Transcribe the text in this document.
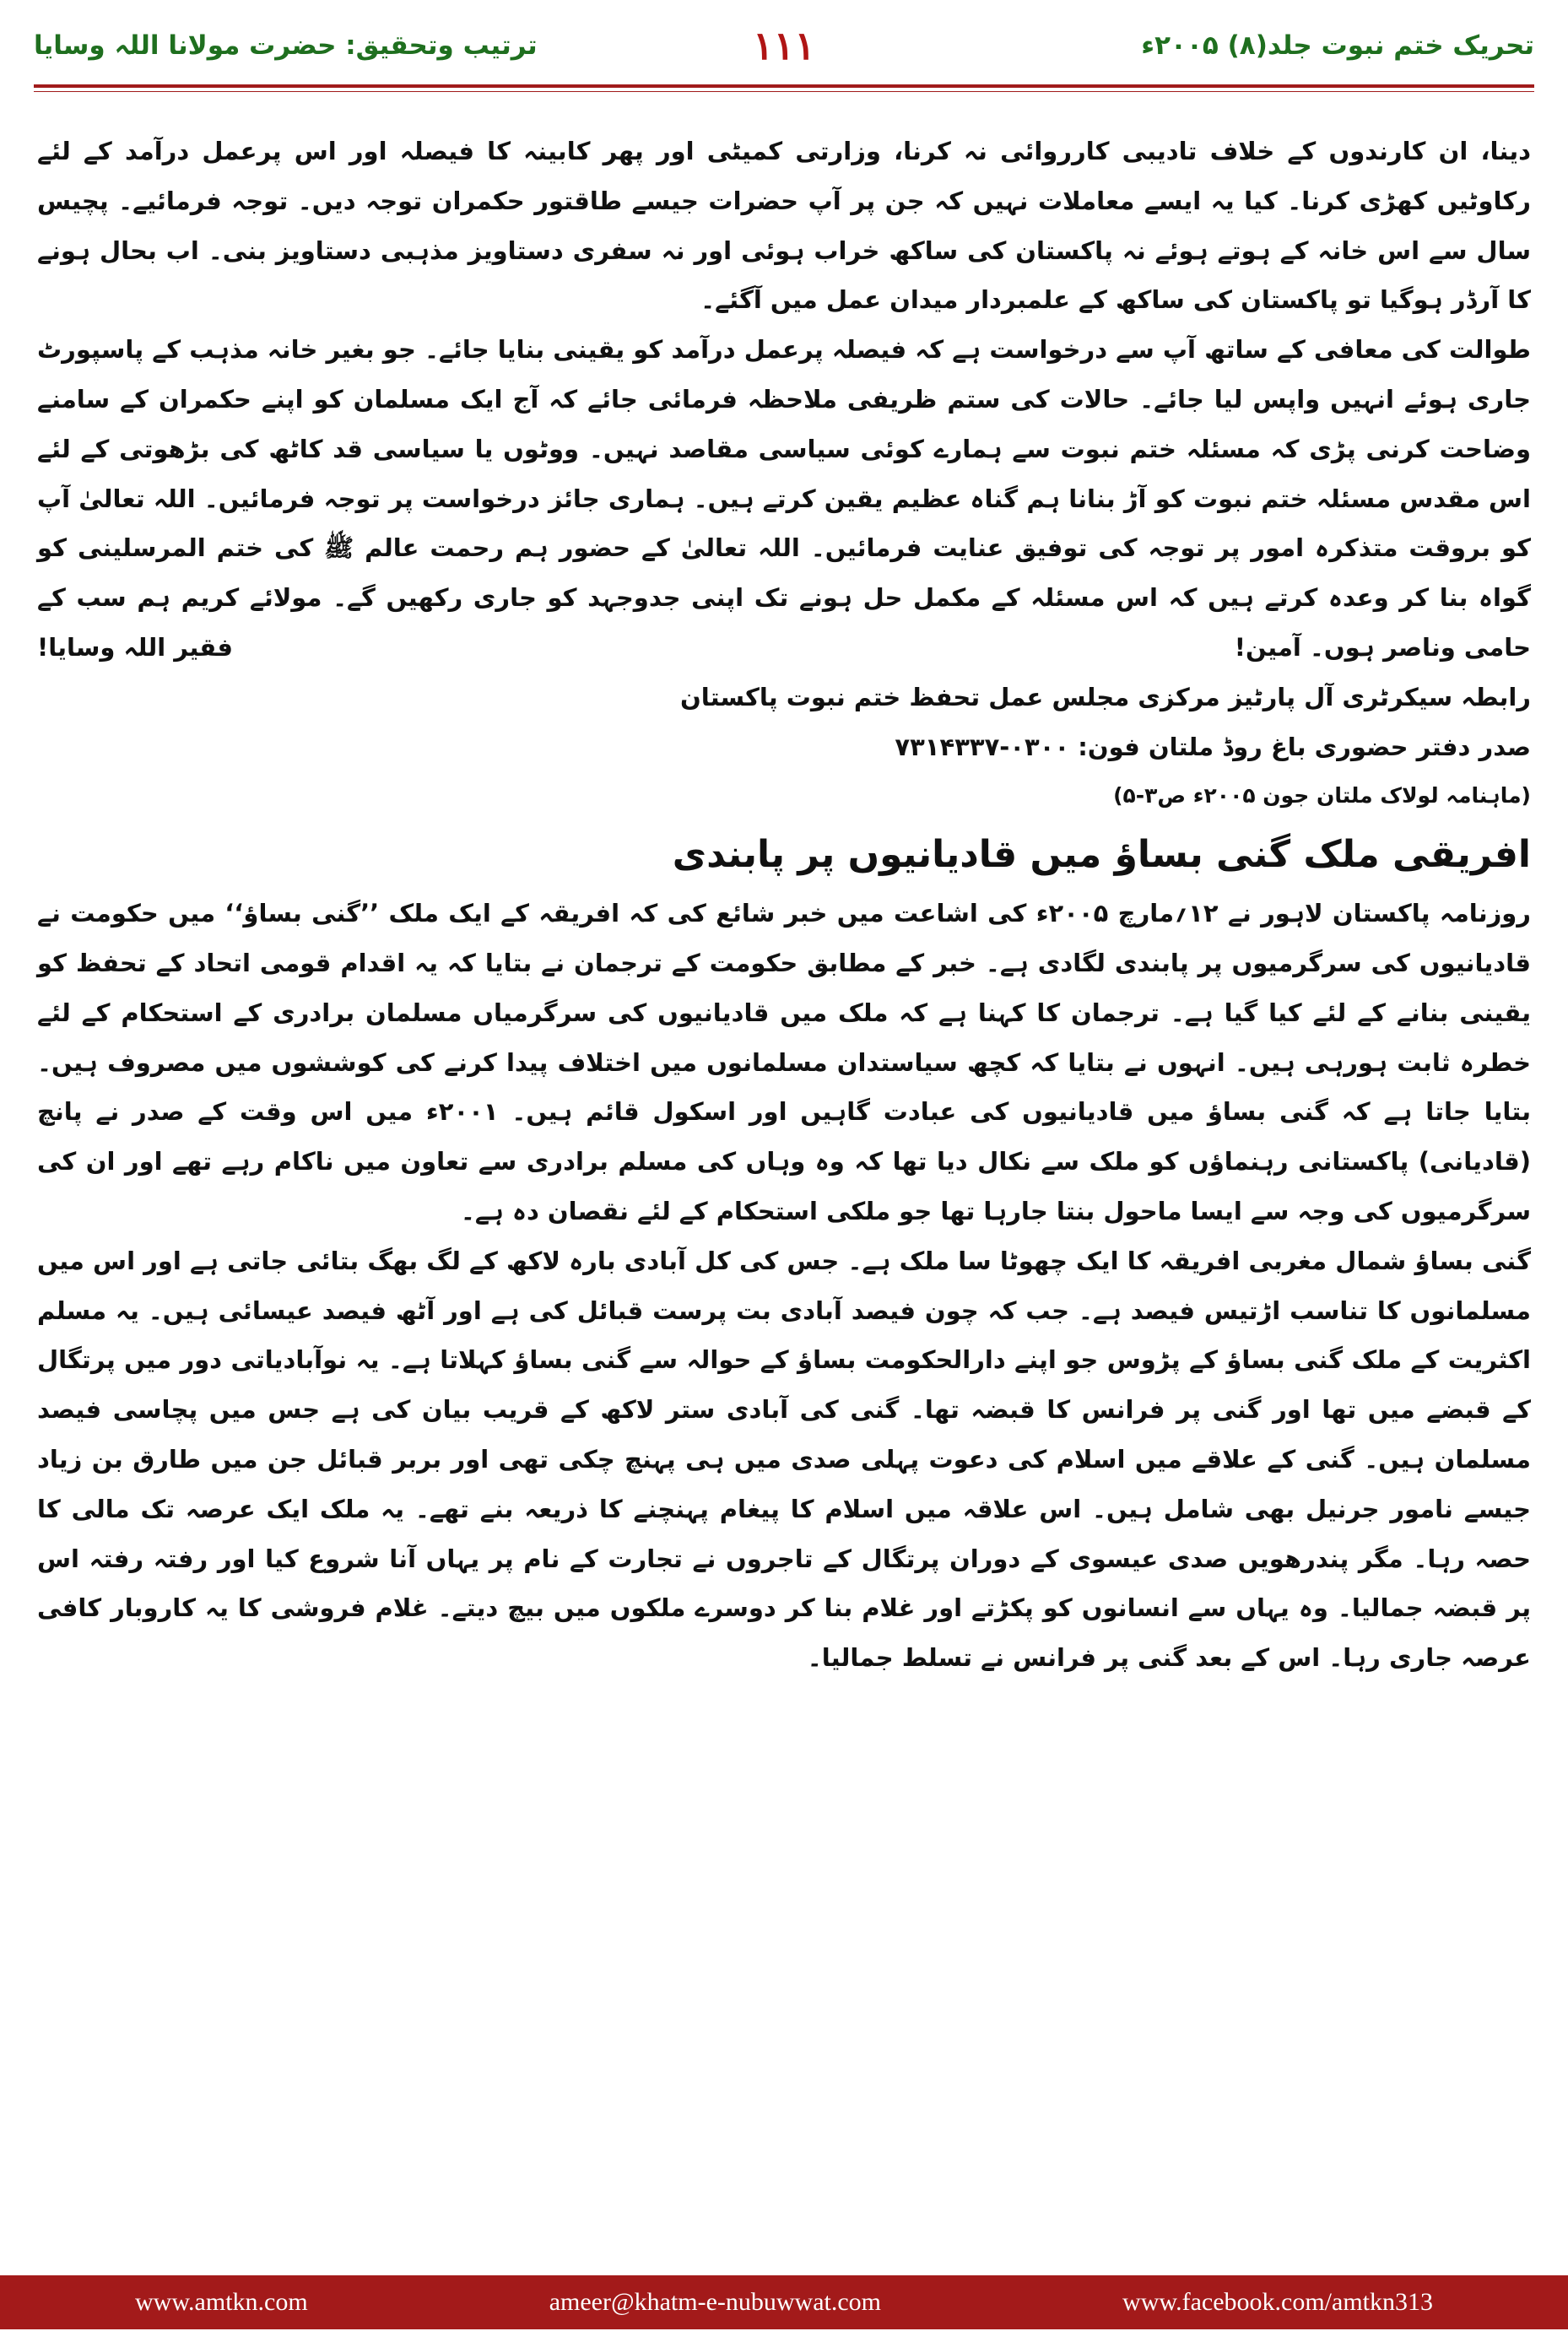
تحریک ختم نبوت جلد(۸) ۲۰۰۵ء
۱۱۱
ترتیب وتحقیق: حضرت مولانا اللہ وسایا

دینا، ان کارندوں کے خلاف تادیبی کارروائی نہ کرنا، وزارتی کمیٹی اور پھر کابینہ کا فیصلہ اور اس پرعمل درآمد کے لئے رکاوٹیں کھڑی کرنا۔ کیا یہ ایسے معاملات نہیں کہ جن پر آپ حضرات جیسے طاقتور حکمران توجہ دیں۔ توجہ فرمائیے۔ پچیس سال سے اس خانہ کے ہوتے ہوئے نہ پاکستان کی ساکھ خراب ہوئی اور نہ سفری دستاویز مذہبی دستاویز بنی۔ اب بحال ہونے کا آرڈر ہوگیا تو پاکستان کی ساکھ کے علمبردار میدان عمل میں آگئے۔

طوالت کی معافی کے ساتھ آپ سے درخواست ہے کہ فیصلہ پرعمل درآمد کو یقینی بنایا جائے۔ جو بغیر خانہ مذہب کے پاسپورٹ جاری ہوئے انہیں واپس لیا جائے۔ حالات کی ستم ظریفی ملاحظہ فرمائی جائے کہ آج ایک مسلمان کو اپنے حکمران کے سامنے وضاحت کرنی پڑی کہ مسئلہ ختم نبوت سے ہمارے کوئی سیاسی مقاصد نہیں۔ ووٹوں یا سیاسی قد کاٹھ کی بڑھوتی کے لئے اس مقدس مسئلہ ختم نبوت کو آڑ بنانا ہم گناہ عظیم یقین کرتے ہیں۔ ہماری جائز درخواست پر توجہ فرمائیں۔ اللہ تعالیٰ آپ کو بروقت متذکرہ امور پر توجہ کی توفیق عنایت فرمائیں۔ اللہ تعالیٰ کے حضور ہم رحمت عالم ﷺ کی ختم المرسلینی کو گواہ بنا کر وعدہ کرتے ہیں کہ اس مسئلہ کے مکمل حل ہونے تک اپنی جدوجہد کو جاری رکھیں گے۔ مولائے کریم ہم سب کے حامی وناصر ہوں۔ آمین!

فقیر اللہ وسایا!

رابطہ سیکرٹری آل پارٹیز مرکزی مجلس عمل تحفظ ختم نبوت پاکستان

صدر دفتر حضوری باغ روڈ ملتان فون: ۰۳۰۰-۷۳۱۴۳۳۷

(ماہنامہ لولاک ملتان جون ۲۰۰۵ء ص۳-۵)

افریقی ملک گنی بساؤ میں قادیانیوں پر پابندی

روزنامہ پاکستان لاہور نے ۱۲؍مارچ ۲۰۰۵ء کی اشاعت میں خبر شائع کی کہ افریقہ کے ایک ملک ’’گنی بساؤ‘‘ میں حکومت نے قادیانیوں کی سرگرمیوں پر پابندی لگادی ہے۔ خبر کے مطابق حکومت کے ترجمان نے بتایا کہ یہ اقدام قومی اتحاد کے تحفظ کو یقینی بنانے کے لئے کیا گیا ہے۔ ترجمان کا کہنا ہے کہ ملک میں قادیانیوں کی سرگرمیاں مسلمان برادری کے استحکام کے لئے خطرہ ثابت ہورہی ہیں۔ انہوں نے بتایا کہ کچھ سیاستدان مسلمانوں میں اختلاف پیدا کرنے کی کوششوں میں مصروف ہیں۔ بتایا جاتا ہے کہ گنی بساؤ میں قادیانیوں کی عبادت گاہیں اور اسکول قائم ہیں۔ ۲۰۰۱ء میں اس وقت کے صدر نے پانچ (قادیانی) پاکستانی رہنماؤں کو ملک سے نکال دیا تھا کہ وہ وہاں کی مسلم برادری سے تعاون میں ناکام رہے تھے اور ان کی سرگرمیوں کی وجہ سے ایسا ماحول بنتا جارہا تھا جو ملکی استحکام کے لئے نقصان دہ ہے۔

گنی بساؤ شمال مغربی افریقہ کا ایک چھوٹا سا ملک ہے۔ جس کی کل آبادی بارہ لاکھ کے لگ بھگ بتائی جاتی ہے اور اس میں مسلمانوں کا تناسب اڑتیس فیصد ہے۔ جب کہ چون فیصد آبادی بت پرست قبائل کی ہے اور آٹھ فیصد عیسائی ہیں۔ یہ مسلم اکثریت کے ملک گنی بساؤ کے پڑوس جو اپنے دارالحکومت بساؤ کے حوالہ سے گنی بساؤ کہلاتا ہے۔ یہ نوآبادیاتی دور میں پرتگال کے قبضے میں تھا اور گنی پر فرانس کا قبضہ تھا۔ گنی کی آبادی ستر لاکھ کے قریب بیان کی ہے جس میں پچاسی فیصد مسلمان ہیں۔ گنی کے علاقے میں اسلام کی دعوت پہلی صدی میں ہی پہنچ چکی تھی اور بربر قبائل جن میں طارق بن زیاد جیسے نامور جرنیل بھی شامل ہیں۔ اس علاقہ میں اسلام کا پیغام پہنچنے کا ذریعہ بنے تھے۔ یہ ملک ایک عرصہ تک مالی کا حصہ رہا۔ مگر پندرھویں صدی عیسوی کے دوران پرتگال کے تاجروں نے تجارت کے نام پر یہاں آنا شروع کیا اور رفتہ رفتہ اس پر قبضہ جمالیا۔ وہ یہاں سے انسانوں کو پکڑتے اور غلام بنا کر دوسرے ملکوں میں بیچ دیتے۔ غلام فروشی کا یہ کاروبار کافی عرصہ جاری رہا۔ اس کے بعد گنی پر فرانس نے تسلط جمالیا۔

www.amtkn.com	ameer@khatm-e-nubuwwat.com	www.facebook.com/amtkn313
